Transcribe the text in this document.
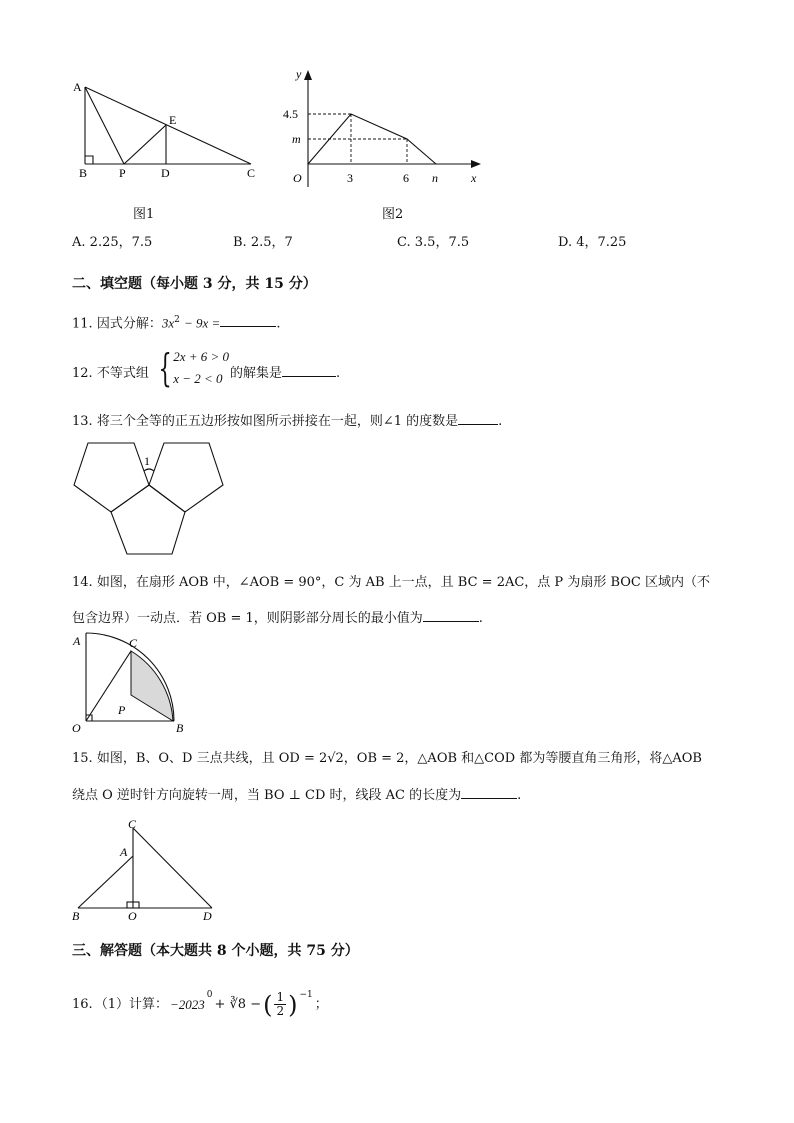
A
B	P	D
E
C
图1
y
x
O
4.5
m
3	6 n
图2
A. 2.25，7.5	B. 2.5，7	C. 3.5，7.5	D. 4，7.25
二、填空题（每小题 3 分，共 15 分）
11. 因式分解：$3x^2 - 9x$ =	.
12. 不等式组 { 2x + 6 > 0
x − 2 < 0 的解集是	.
13. 将三个全等的正五边形按如图所示拼接在一起，则∠1 的度数是	.
1
14. 如图，在扇形 AOB 中，∠AOB = 90°，C 为 AB 上一点，且 BC = 2AC，点 P 为扇形 BOC 区域内（不
包含边界）一动点．若 OB = 1，则阴影部分周长的最小值为	.
A	C
P
O	B
15. 如图，B、O、D 三点共线，且 OD = 2√2，OB = 2，△AOB 和△COD 都为等腰直角三角形，将△AOB
绕点 O 逆时针方向旋转一周，当 BO ⊥ CD 时，线段 AC 的长度为	.
C
A
B	O	D
三、解答题（本大题共 8 个小题，共 75 分）
16. （1）计算： −2023
$^0$
+ ∛8 − ( $\frac{1}{2} )^{-1}$
；
